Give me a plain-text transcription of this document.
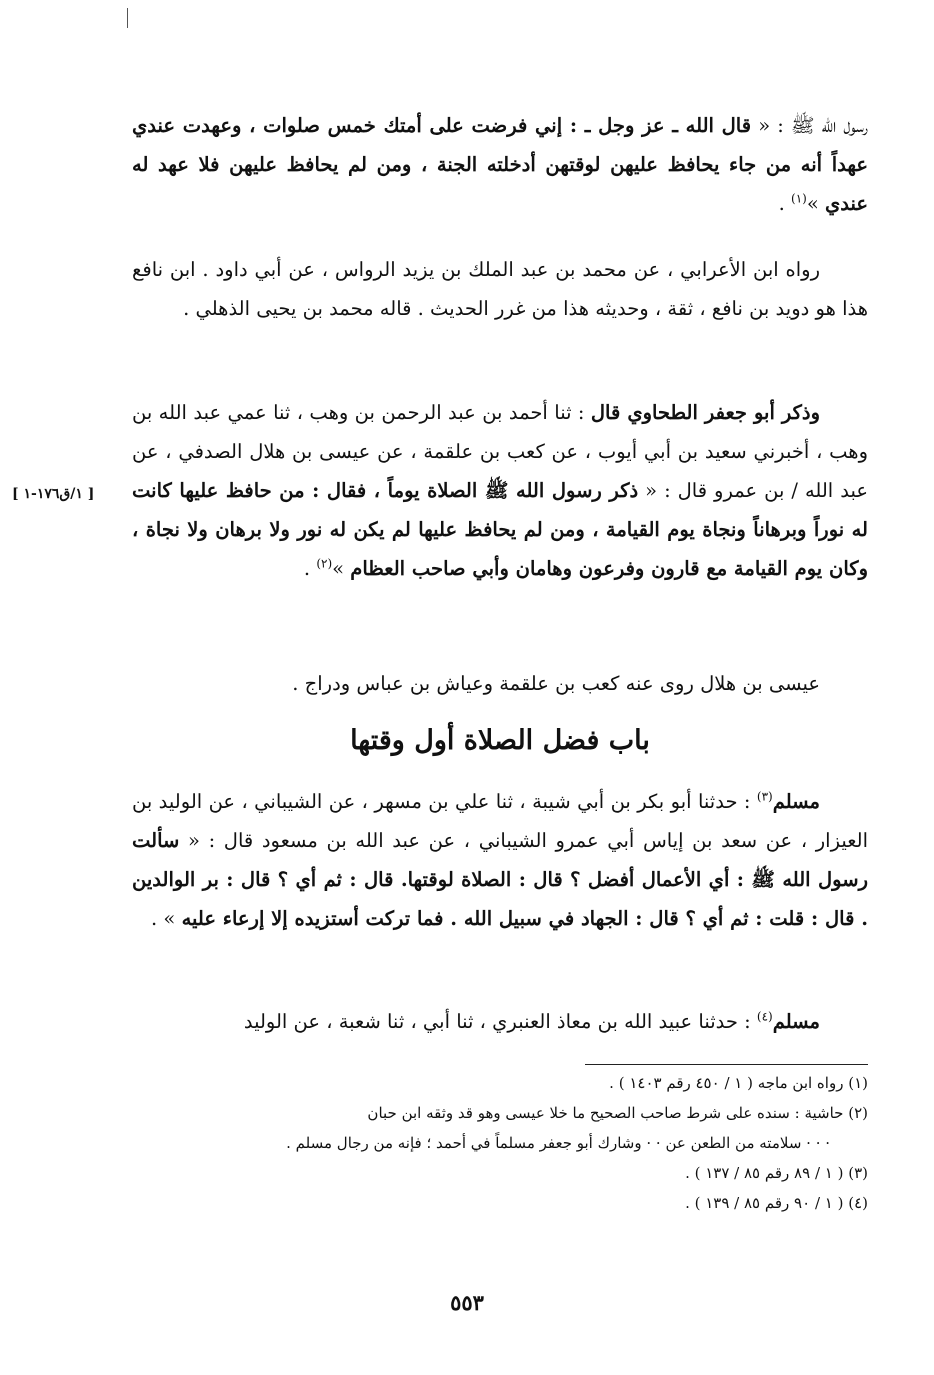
رسول الله ﷺ : « قال الله ـ عز وجل ـ : إني فرضت على أمتك خمس صلوات ، وعهدت عندي عهداً أنه من جاء يحافظ عليهن لوقتهن أدخلته الجنة ، ومن لم يحافظ عليهن فلا عهد له عندي »$^{(١)}$ .

رواه ابن الأعرابي ، عن محمد بن عبد الملك بن يزيد الرواس ، عن أبي داود . ابن نافع هذا هو دويد بن نافع ، ثقة ، وحديثه هذا من غرر الحديث . قاله محمد بن يحيى الذهلي .

وذكر أبو جعفر الطحاوي قال : ثنا أحمد بن عبد الرحمن بن وهب ، ثنا عمي عبد الله بن وهب ، أخبرني سعيد بن أبي أيوب ، عن كعب بن علقمة ، عن عيسى بن هلال الصدفي ، عن عبد الله / بن عمرو قال : « ذكر رسول الله ﷺ الصلاة يوماً ، فقال : من حافظ عليها كانت له نوراً وبرهاناً ونجاة يوم القيامة ، ومن لم يحافظ عليها لم يكن له نور ولا برهان ولا نجاة ، وكان يوم القيامة مع قارون وفرعون وهامان وأبي صاحب العظام »$^{(٢)}$ .

[ ١/ق١٧٦-١ ]

عيسى بن هلال روى عنه كعب بن علقمة وعياش بن عباس ودراج .

باب فضل الصلاة أول وقتها

مسلم$^{(٣)}$ : حدثنا أبو بكر بن أبي شيبة ، ثنا علي بن مسهر ، عن الشيباني ، عن الوليد بن العيزار ، عن سعد بن إياس أبي عمرو الشيباني ، عن عبد الله بن مسعود قال : « سألت رسول الله ﷺ : أي الأعمال أفضل ؟ قال : الصلاة لوقتها. قال : ثم أي ؟ قال : بر الوالدين . قال : قلت : ثم أي ؟ قال : الجهاد في سبيل الله . فما تركت أستزيده إلا إرعاء عليه » .

مسلم$^{(٤)}$ : حدثنا عبيد الله بن معاذ العنبري ، ثنا أبي ، ثنا شعبة ، عن الوليد

(١) رواه ابن ماجه ( ١ / ٤٥٠ رقم ١٤٠٣ ) .

(٢) حاشية : سنده على شرط صاحب الصحيح ما خلا عيسى وهو قد وثقه ابن حبان

· · · سلامته من الطعن عن · · وشارك أبو جعفر مسلماً في أحمد ؛ فإنه من رجال مسلم .

(٣) ( ١ / ٨٩ رقم ٨٥ / ١٣٧ ) .

(٤) ( ١ / ٩٠ رقم ٨٥ / ١٣٩ ) .

٥٥٣
